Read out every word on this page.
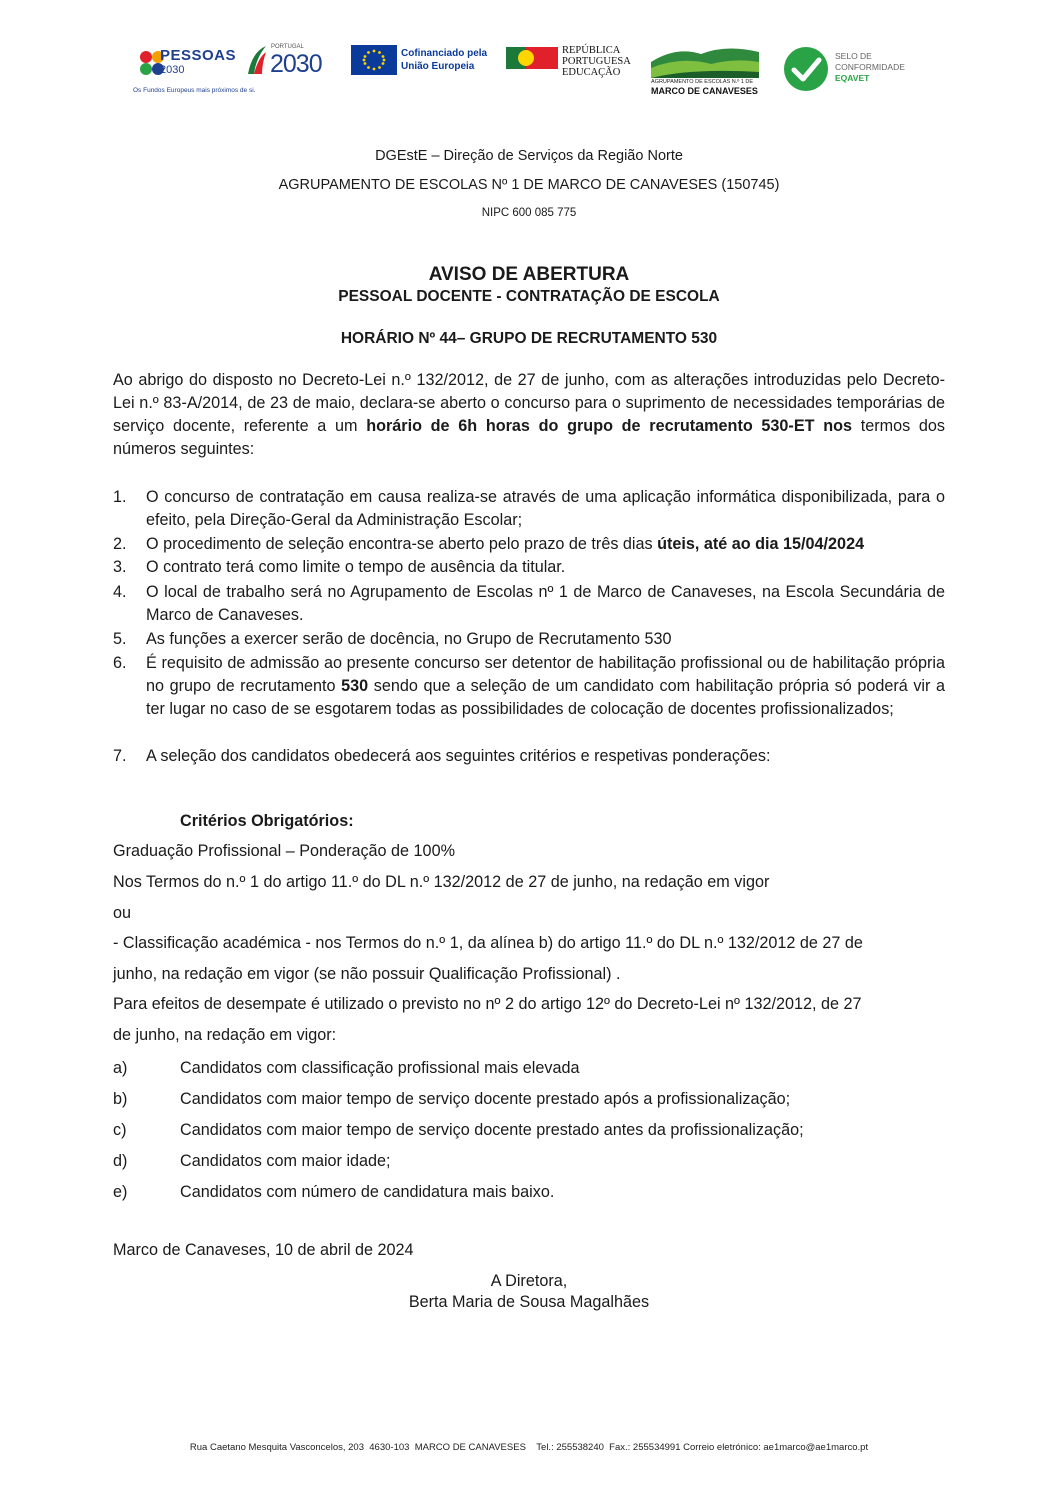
PESSOAS
2030
Os Fundos Europeus mais próximos de si.
PORTUGAL
2030	Cofinanciado pela
União Europeia
REPÚBLICA
PORTUGUESA
EDUCAÇÃO
AGRUPAMENTO DE ESCOLAS N.º 1 DE
MARCO DE CANAVESES
SELO DE
CONFORMIDADE
EQAVET
DGEstE – Direção de Serviços da Região Norte
AGRUPAMENTO DE ESCOLAS Nº 1 DE MARCO DE CANAVESES (150745)
NIPC 600 085 775
AVISO DE ABERTURA
PESSOAL DOCENTE - CONTRATAÇÃO DE ESCOLA
HORÁRIO Nº 44– GRUPO DE RECRUTAMENTO 530
Ao abrigo do disposto no Decreto-Lei n.º 132/2012, de 27 de junho, com as alterações introduzidas pelo Decreto-Lei n.º 83-A/2014, de 23 de maio, declara-se aberto o concurso para o suprimento de necessidades temporárias de serviço docente, referente a um horário de 6h horas do grupo de recrutamento 530-ET nos termos dos números seguintes:
1. O concurso de contratação em causa realiza-se através de uma aplicação informática disponibilizada, para o efeito, pela Direção-Geral da Administração Escolar;
2. O procedimento de seleção encontra-se aberto pelo prazo de três dias úteis, até ao dia 15/04/2024
3. O contrato terá como limite o tempo de ausência da titular.
4. O local de trabalho será no Agrupamento de Escolas nº 1 de Marco de Canaveses, na Escola Secundária de Marco de Canaveses.
5. As funções a exercer serão de docência, no Grupo de Recrutamento 530
6. É requisito de admissão ao presente concurso ser detentor de habilitação profissional ou de habilitação própria no grupo de recrutamento 530 sendo que a seleção de um candidato com habilitação própria só poderá vir a ter lugar no caso de se esgotarem todas as possibilidades de colocação de docentes profissionalizados;
7. A seleção dos candidatos obedecerá aos seguintes critérios e respetivas ponderações:
Critérios Obrigatórios:
Graduação Profissional – Ponderação de 100%
Nos Termos do n.º 1 do artigo 11.º do DL n.º 132/2012 de 27 de junho, na redação em vigor
ou
- Classificação académica - nos Termos do n.º 1, da alínea b) do artigo 11.º do DL n.º 132/2012 de 27 de
junho, na redação em vigor (se não possuir Qualificação Profissional) .
Para efeitos de desempate é utilizado o previsto no nº 2 do artigo 12º do Decreto-Lei nº 132/2012, de 27
de junho, na redação em vigor:
a)	Candidatos com classificação profissional mais elevada
b)	Candidatos com maior tempo de serviço docente prestado após a profissionalização;
c)	Candidatos com maior tempo de serviço docente prestado antes da profissionalização;
d)	Candidatos com maior idade;
e)	Candidatos com número de candidatura mais baixo.
Marco de Canaveses, 10 de abril de 2024
A Diretora,
Berta Maria de Sousa Magalhães
Rua Caetano Mesquita Vasconcelos, 203  4630-103  MARCO DE CANAVESES    Tel.: 255538240  Fax.: 255534991 Correio eletrónico: ae1marco@ae1marco.pt
